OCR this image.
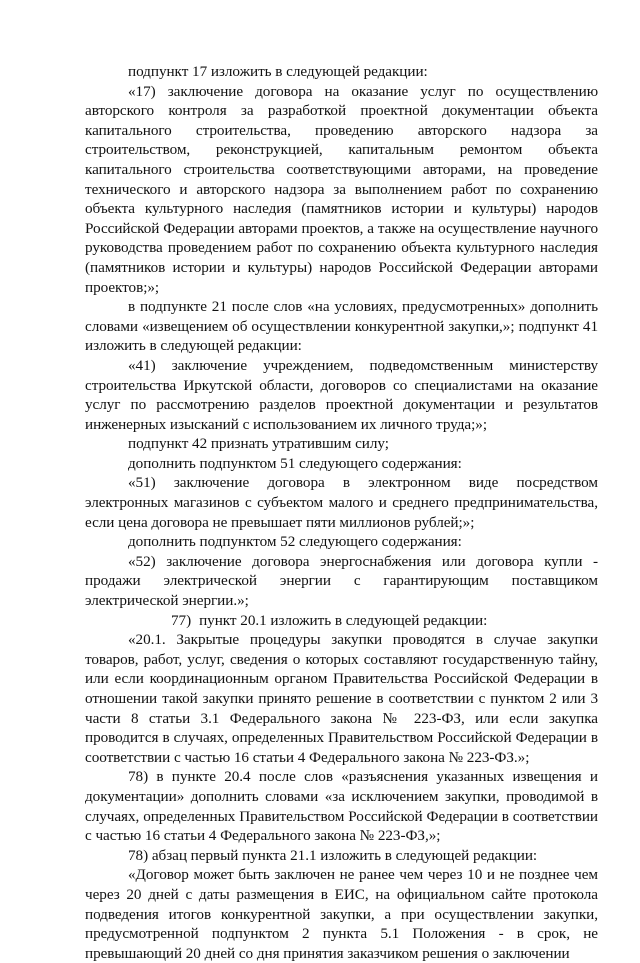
подпункт 17 изложить в следующей редакции:

«17) заключение договора на оказание услуг по осуществлению авторского контроля за разработкой проектной документации объекта капитального строительства, проведению авторского надзора за строительством, реконструкцией, капитальным ремонтом объекта капитального строительства соответствующими авторами, на проведение технического и авторского надзора за выполнением работ по сохранению объекта культурного наследия (памятников истории и культуры) народов Российской Федерации авторами проектов, а также на осуществление научного руководства проведением работ по сохранению объекта культурного наследия (памятников истории и культуры) народов Российской Федерации авторами проектов;»;

в подпункте 21 после слов «на условиях, предусмотренных» дополнить словами «извещением об осуществлении конкурентной закупки,»; подпункт 41 изложить в следующей редакции:

«41) заключение учреждением, подведомственным министерству строительства Иркутской области, договоров со специалистами на оказание услуг по рассмотрению разделов проектной документации и результатов инженерных изысканий с использованием их личного труда;»;

подпункт 42 признать утратившим силу;

дополнить подпунктом 51 следующего содержания:

«51) заключение договора в электронном виде посредством электронных магазинов с субъектом малого и среднего предпринимательства, если цена договора не превышает пяти миллионов рублей;»;

дополнить подпунктом 52 следующего содержания:

«52) заключение договора энергоснабжения или договора купли - продажи электрической энергии с гарантирующим поставщиком электрической энергии.»;

77) пункт 20.1 изложить в следующей редакции:

«20.1. Закрытые процедуры закупки проводятся в случае закупки товаров, работ, услуг, сведения о которых составляют государственную тайну, или если координационным органом Правительства Российской Федерации в отношении такой закупки принято решение в соответствии с пунктом 2 или 3 части 8 статьи 3.1 Федерального закона № 223-ФЗ, или если закупка проводится в случаях, определенных Правительством Российской Федерации в соответствии с частью 16 статьи 4 Федерального закона № 223-ФЗ.»;

78) в пункте 20.4 после слов «разъяснения указанных извещения и документации» дополнить словами «за исключением закупки, проводимой в случаях, определенных Правительством Российской Федерации в соответствии с частью 16 статьи 4 Федерального закона № 223-ФЗ,»;

78) абзац первый пункта 21.1 изложить в следующей редакции:

«Договор может быть заключен не ранее чем через 10 и не позднее чем через 20 дней с даты размещения в ЕИС, на официальном сайте протокола подведения итогов конкурентной закупки, а при осуществлении закупки, предусмотренной подпунктом 2 пункта 5.1 Положения - в срок, не превышающий 20 дней со дня принятия заказчиком решения о заключении
